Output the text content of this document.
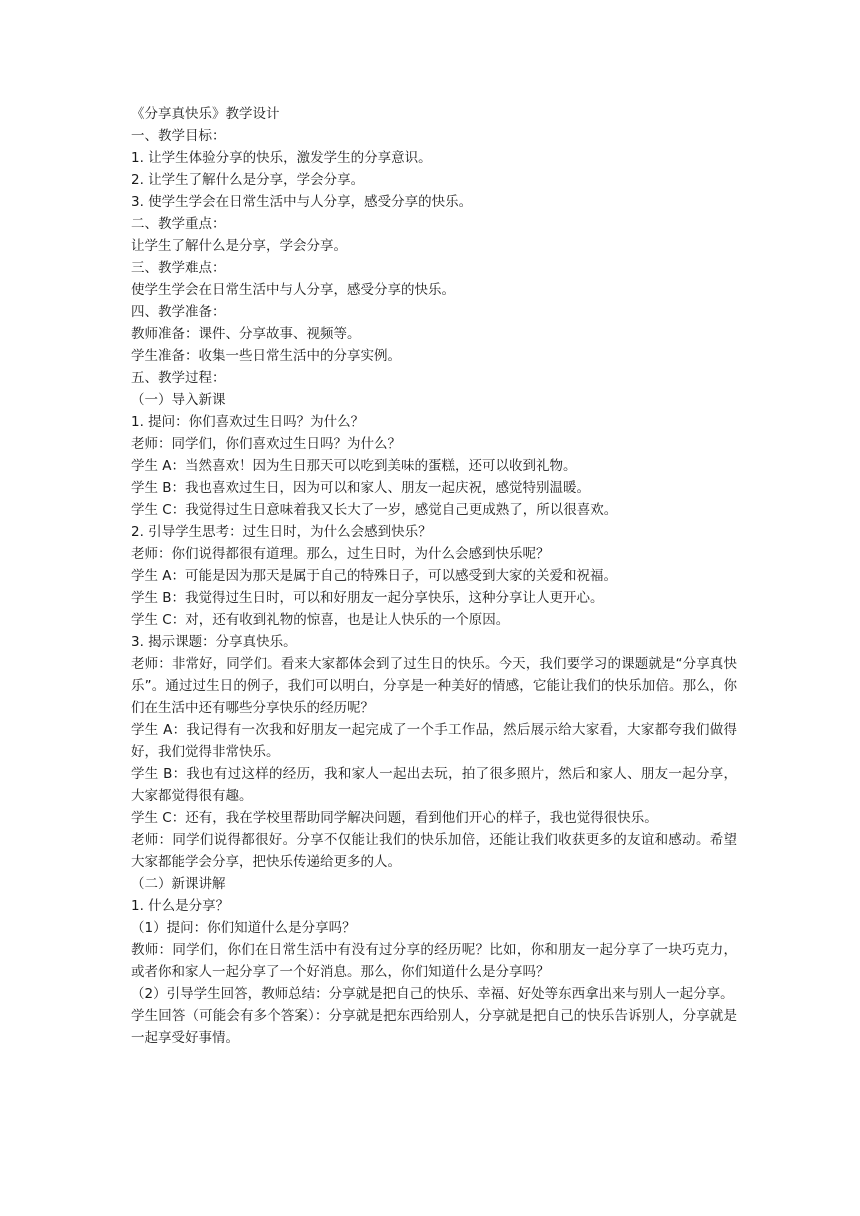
《分享真快乐》教学设计

一、教学目标：

1. 让学生体验分享的快乐，激发学生的分享意识。

2. 让学生了解什么是分享，学会分享。

3. 使学生学会在日常生活中与人分享，感受分享的快乐。

二、教学重点：

让学生了解什么是分享，学会分享。

三、教学难点：

使学生学会在日常生活中与人分享，感受分享的快乐。

四、教学准备：

教师准备：课件、分享故事、视频等。

学生准备：收集一些日常生活中的分享实例。

五、教学过程：

（一）导入新课

1. 提问：你们喜欢过生日吗？为什么？

老师：同学们，你们喜欢过生日吗？为什么？

学生 A：当然喜欢！因为生日那天可以吃到美味的蛋糕，还可以收到礼物。

学生 B：我也喜欢过生日，因为可以和家人、朋友一起庆祝，感觉特别温暖。

学生 C：我觉得过生日意味着我又长大了一岁，感觉自己更成熟了，所以很喜欢。

2. 引导学生思考：过生日时，为什么会感到快乐？

老师：你们说得都很有道理。那么，过生日时，为什么会感到快乐呢？

学生 A：可能是因为那天是属于自己的特殊日子，可以感受到大家的关爱和祝福。

学生 B：我觉得过生日时，可以和好朋友一起分享快乐，这种分享让人更开心。

学生 C：对，还有收到礼物的惊喜，也是让人快乐的一个原因。

3. 揭示课题：分享真快乐。

老师：非常好，同学们。看来大家都体会到了过生日的快乐。今天，我们要学习的课题就是“分享真快乐”。通过过生日的例子，我们可以明白，分享是一种美好的情感，它能让我们的快乐加倍。那么，你们在生活中还有哪些分享快乐的经历呢？

学生 A：我记得有一次我和好朋友一起完成了一个手工作品，然后展示给大家看，大家都夸我们做得好，我们觉得非常快乐。

学生 B：我也有过这样的经历，我和家人一起出去玩，拍了很多照片，然后和家人、朋友一起分享，大家都觉得很有趣。

学生 C：还有，我在学校里帮助同学解决问题，看到他们开心的样子，我也觉得很快乐。

老师：同学们说得都很好。分享不仅能让我们的快乐加倍，还能让我们收获更多的友谊和感动。希望大家都能学会分享，把快乐传递给更多的人。

（二）新课讲解

1. 什么是分享？

（1）提问：你们知道什么是分享吗？

教师：同学们，你们在日常生活中有没有过分享的经历呢？比如，你和朋友一起分享了一块巧克力，或者你和家人一起分享了一个好消息。那么，你们知道什么是分享吗？

（2）引导学生回答，教师总结：分享就是把自己的快乐、幸福、好处等东西拿出来与别人一起分享。

学生回答（可能会有多个答案）：分享就是把东西给别人，分享就是把自己的快乐告诉别人，分享就是一起享受好事情。
